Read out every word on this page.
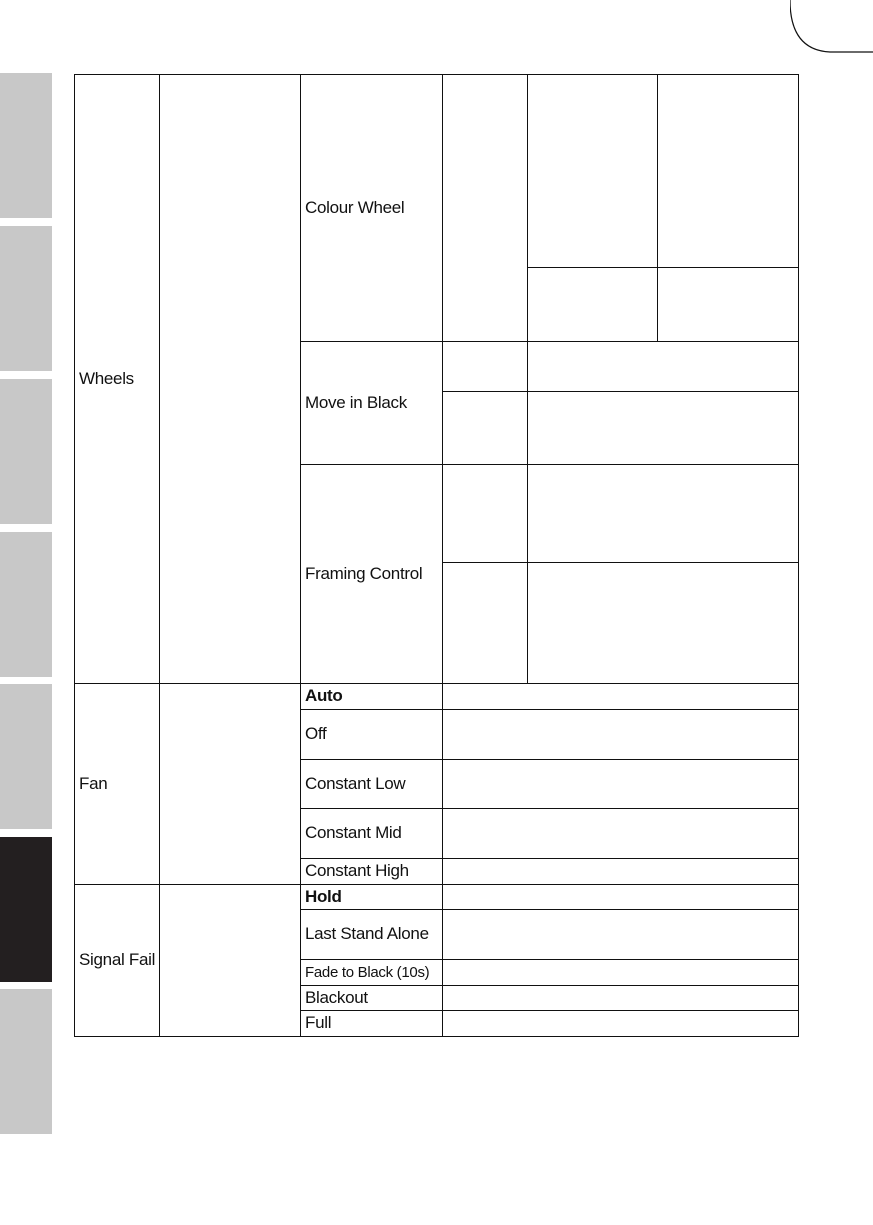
Wheels
Colour Wheel
Move in Black
Framing Control
Fan
Auto
Off
Constant Low
Constant Mid
Constant High
Signal Fail
Hold
Last Stand Alone
Fade to Black (10s)
Blackout
Full
